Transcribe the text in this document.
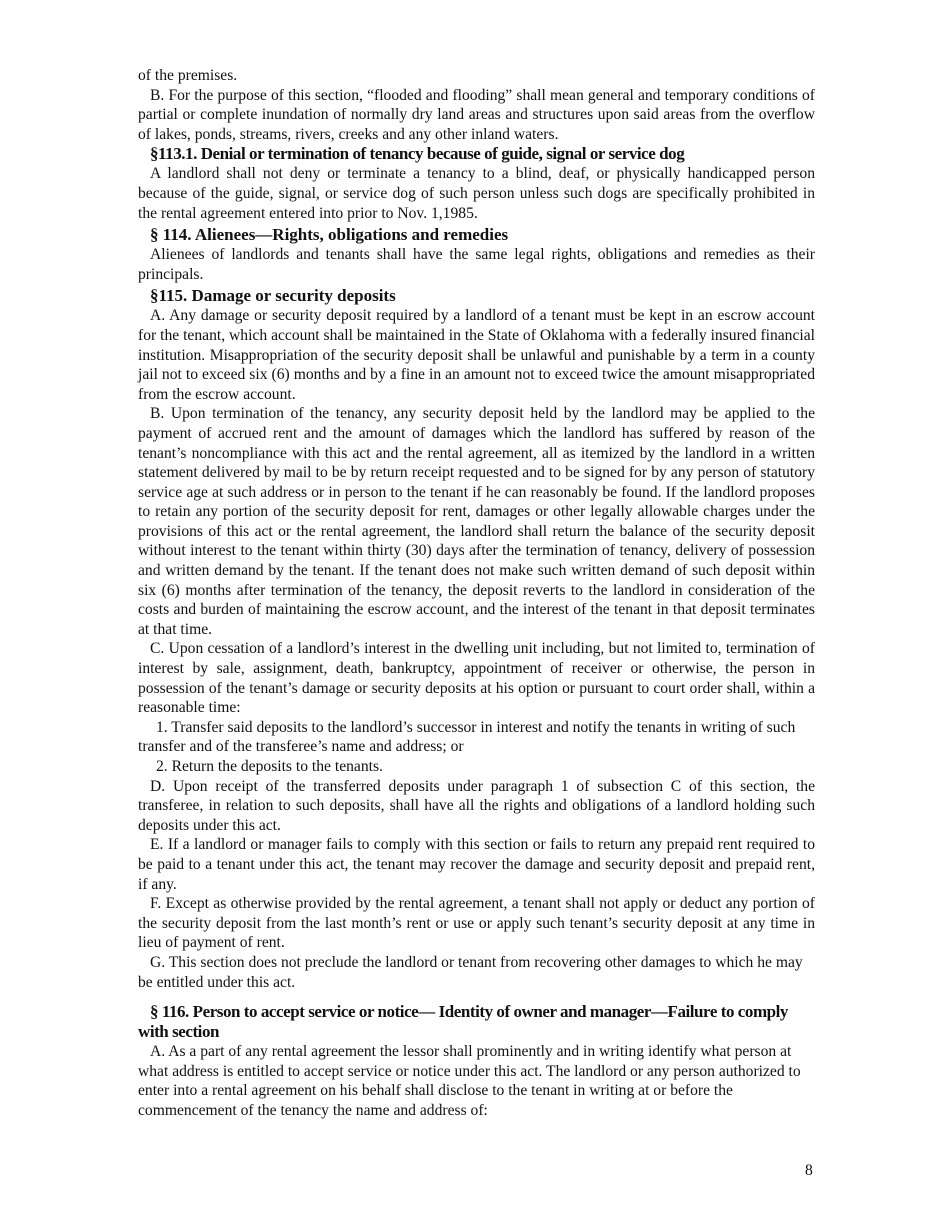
of the premises.

B. For the purpose of this section, “flooded and flooding” shall mean general and temporary conditions of partial or complete inundation of normally dry land areas and structures upon said areas from the overflow of lakes, ponds, streams, rivers, creeks and any other inland waters.

§113.1. Denial or termination of tenancy because of guide, signal or service dog

A landlord shall not deny or terminate a tenancy to a blind, deaf, or physically handicapped person because of the guide, signal, or service dog of such person unless such dogs are specifically prohibited in the rental agreement entered into prior to Nov. 1,1985.

§ 114. Alienees—Rights, obligations and remedies

Alienees of landlords and tenants shall have the same legal rights, obligations and remedies as their principals.

§115. Damage or security deposits

A. Any damage or security deposit required by a landlord of a tenant must be kept in an escrow account for the tenant, which account shall be maintained in the State of Oklahoma with a federally insured financial institution. Misappropriation of the security deposit shall be unlawful and punishable by a term in a county jail not to exceed six (6) months and by a fine in an amount not to exceed twice the amount misappropriated from the escrow account.

B. Upon termination of the tenancy, any security deposit held by the landlord may be applied to the payment of accrued rent and the amount of damages which the landlord has suffered by reason of the tenant’s noncompliance with this act and the rental agreement, all as itemized by the landlord in a written statement delivered by mail to be by return receipt requested and to be signed for by any person of statutory service age at such address or in person to the tenant if he can reasonably be found. If the landlord proposes to retain any portion of the security deposit for rent, damages or other legally allowable charges under the provisions of this act or the rental agreement, the landlord shall return the balance of the security deposit without interest to the tenant within thirty (30) days after the termination of tenancy, delivery of possession and written demand by the tenant. If the tenant does not make such written demand of such deposit within six (6) months after termination of the tenancy, the deposit reverts to the landlord in consideration of the costs and burden of maintaining the escrow account, and the interest of the tenant in that deposit terminates at that time.

C. Upon cessation of a landlord’s interest in the dwelling unit including, but not limited to, termination of interest by sale, assignment, death, bankruptcy, appointment of receiver or otherwise, the person in possession of the tenant’s damage or security deposits at his option or pursuant to court order shall, within a reasonable time:

1. Transfer said deposits to the landlord’s successor in interest and notify the tenants in writing of such transfer and of the transferee’s name and address; or

2. Return the deposits to the tenants.

D. Upon receipt of the transferred deposits under paragraph 1 of subsection C of this section, the transferee, in relation to such deposits, shall have all the rights and obligations of a landlord holding such deposits under this act.

E. If a landlord or manager fails to comply with this section or fails to return any prepaid rent required to be paid to a tenant under this act, the tenant may recover the damage and security deposit and prepaid rent, if any.

F. Except as otherwise provided by the rental agreement, a tenant shall not apply or deduct any portion of the security deposit from the last month’s rent or use or apply such tenant’s security deposit at any time in lieu of payment of rent.

G. This section does not preclude the landlord or tenant from recovering other damages to which he may be entitled under this act.

§ 116. Person to accept service or notice— Identity of owner and manager—Failure to comply with section

A. As a part of any rental agreement the lessor shall prominently and in writing identify what person at what address is entitled to accept service or notice under this act. The landlord or any person authorized to enter into a rental agreement on his behalf shall disclose to the tenant in writing at or before the commencement of the tenancy the name and address of:

8
